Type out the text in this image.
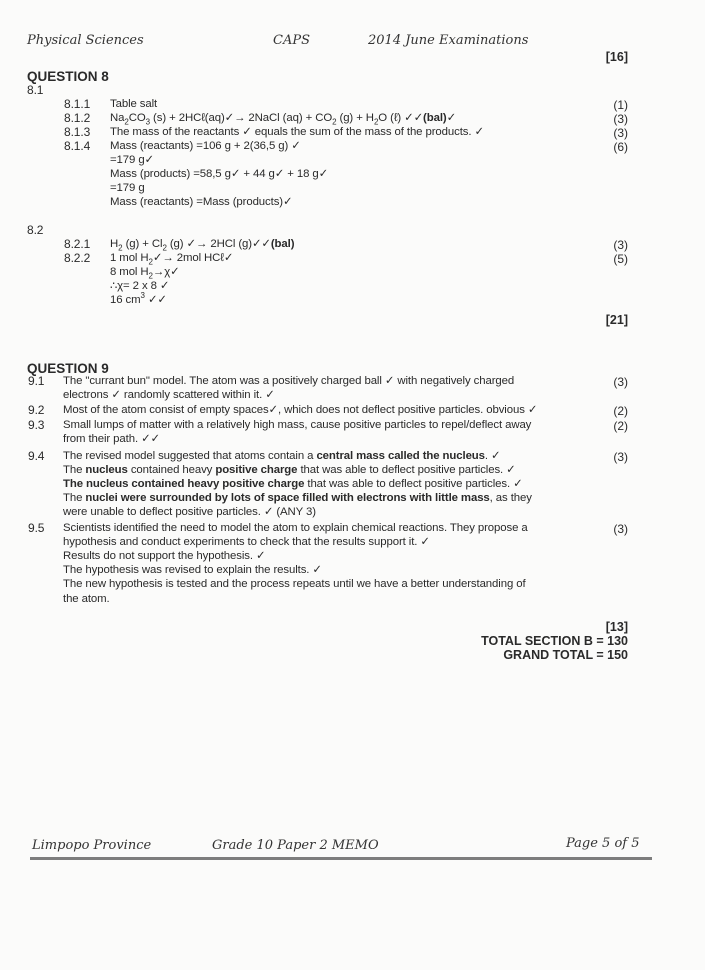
Physical Sciences	CAPS	2014 June Examinations
[16]
QUESTION 8
8.1
8.1.1 Table salt	(1)
8.1.2 $Na_2CO_3$ (s) + 2HCℓ(aq)✓→ 2NaCl $(aq) + CO_2$ $(g) + H_2O$ (ℓ) ✓✓(bal)✓	(3)
8.1.3 The mass of the reactants ✓ equals the sum of the mass of the products. ✓	(3)
8.1.4 Mass (reactants) =106 g + 2(36,5 g) ✓	(6)
=179 g✓
Mass (products) =58,5 g✓ + 44 g✓ + 18 g✓
=179 g
Mass (reactants) =Mass (products)✓
8.2
8.2.1 $H_2$ $(g) + Cl_2$ (g) ✓→ 2HCl (g)✓✓(bal)	(3)
8.2.2 1 mol $H_2✓\to 2mol$ HCℓ✓	(5)
8 mol $H_2\to\chi✓$
∴χ= 2 x 8 ✓
16 $cm^3$ ✓✓
[21]
QUESTION 9
9.1 The "currant bun" model. The atom was a positively charged ball ✓ with negatively charged	(3)
electrons ✓ randomly scattered within it. ✓
9.2 Most of the atom consist of empty spaces✓, which does not deflect positive particles. obvious ✓	(2)
9.3 Small lumps of matter with a relatively high mass, cause positive particles to repel/deflect away	(2)
from their path. ✓✓
9.4 The revised model suggested that atoms contain a central mass called the nucleus. ✓	(3)
The nucleus contained heavy positive charge that was able to deflect positive particles. ✓
The nucleus contained heavy positive charge that was able to deflect positive particles. ✓
The nuclei were surrounded by lots of space filled with electrons with little mass, as they
were unable to deflect positive particles. ✓ (ANY 3)
9.5 Scientists identified the need to model the atom to explain chemical reactions. They propose a	(3)
hypothesis and conduct experiments to check that the results support it. ✓
Results do not support the hypothesis. ✓
The hypothesis was revised to explain the results. ✓
The new hypothesis is tested and the process repeats until we have a better understanding of
the atom.
[13]
TOTAL SECTION B = 130
GRAND TOTAL = 150
Limpopo Province	Grade 10 Paper 2 MEMO	Page 5 of 5
